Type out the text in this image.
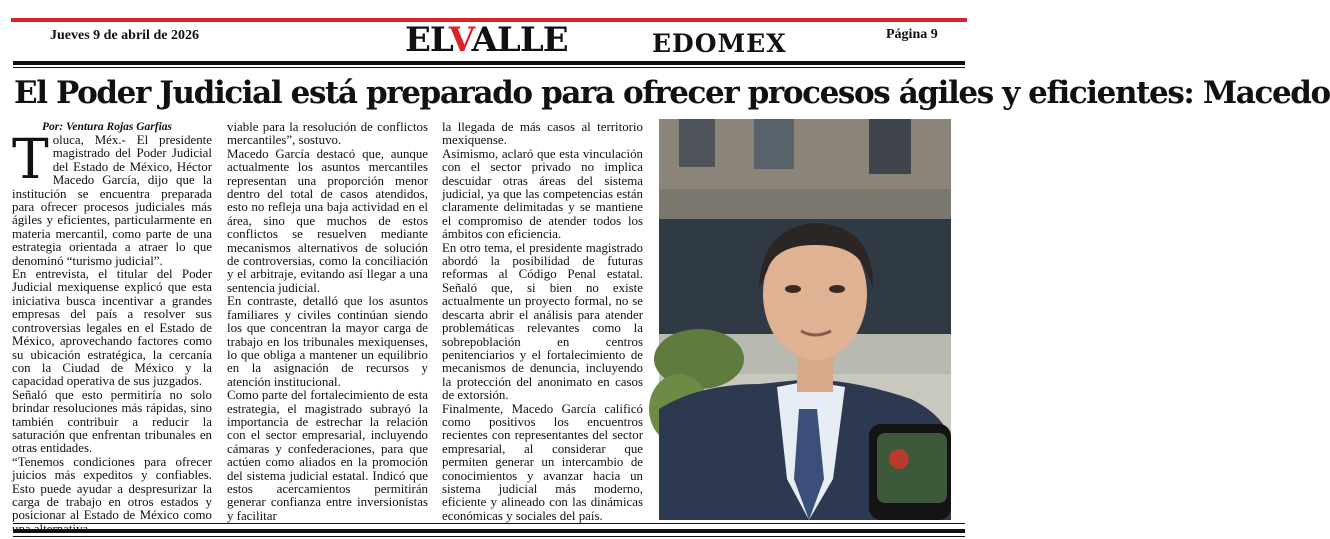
Jueves 9 de abril de 2026	ELVALLE	EDOMEX	Página 9
El Poder Judicial está preparado para ofrecer procesos ágiles y eficientes: Macedo
Por: Ventura Rojas Garfias
T oluca, Méx.- El presidente magistrado del Poder Judicial del Estado de México, Héctor Macedo García, dijo que la institución se encuentra preparada para ofrecer procesos judiciales más ágiles y eficientes, particularmente en materia mercantil, como parte de una estrategia orientada a atraer lo que denominó “turismo judicial”.

En entrevista, el titular del Poder Judicial mexiquense explicó que esta iniciativa busca incentivar a grandes empresas del país a resolver sus controversias legales en el Estado de México, aprovechando factores como su ubicación estratégica, la cercanía con la Ciudad de México y la capacidad operativa de sus juzgados.

Señaló que esto permitiría no solo brindar resoluciones más rápidas, sino también contribuir a reducir la saturación que enfrentan tribunales en otras entidades.

“Tenemos condiciones para ofrecer juicios más expeditos y confiables. Esto puede ayudar a despresurizar la carga de trabajo en otros estados y posicionar al Estado de México como

viable para la resolución de conflictos mercantiles”, sostuvo.

Macedo García destacó que, aunque actualmente los asuntos mercantiles representan una proporción menor dentro del total de casos atendidos, esto no refleja una baja actividad en el área, sino que muchos de estos conflictos se resuelven mediante mecanismos alternativos de solución de controversias, como la conciliación y el arbitraje, evitando así llegar a una sentencia judicial.

En contraste, detalló que los asuntos familiares y civiles continúan siendo los que concentran la mayor carga de trabajo en los tribunales mexiquenses, lo que obliga a mantener un equilibrio en la asignación de recursos y atención institucional.

Como parte del fortalecimiento de esta estrategia, el magistrado subrayó la importancia de estrechar la relación con el sector empresarial, incluyendo cámaras y confederaciones, para que actúen como aliados en la promoción del sistema judicial estatal. Indicó que estos acercamientos permitirán generar confianza entre inversionistas y facilitar

la llegada de más casos al territorio mexiquense.

Asimismo, aclaró que esta vinculación con el sector privado no implica descuidar otras áreas del sistema judicial, ya que las competencias están claramente delimitadas y se mantiene el compromiso de atender todos los ámbitos con eficiencia.

En otro tema, el presidente magistrado abordó la posibilidad de futuras reformas al Código Penal estatal. Señaló que, si bien no existe actualmente un proyecto formal, no se descarta abrir el análisis para atender problemáticas relevantes como la sobrepoblación en centros penitenciarios y el fortalecimiento de mecanismos de denuncia, incluyendo la protección del anonimato en casos de extorsión.

Finalmente, Macedo García calificó como positivos los encuentros recientes con representantes del sector empresarial, al considerar que permiten generar un intercambio de conocimientos y avanzar hacia un sistema judicial más moderno, eficiente y alineado con las dinámicas económicas y sociales del país.
